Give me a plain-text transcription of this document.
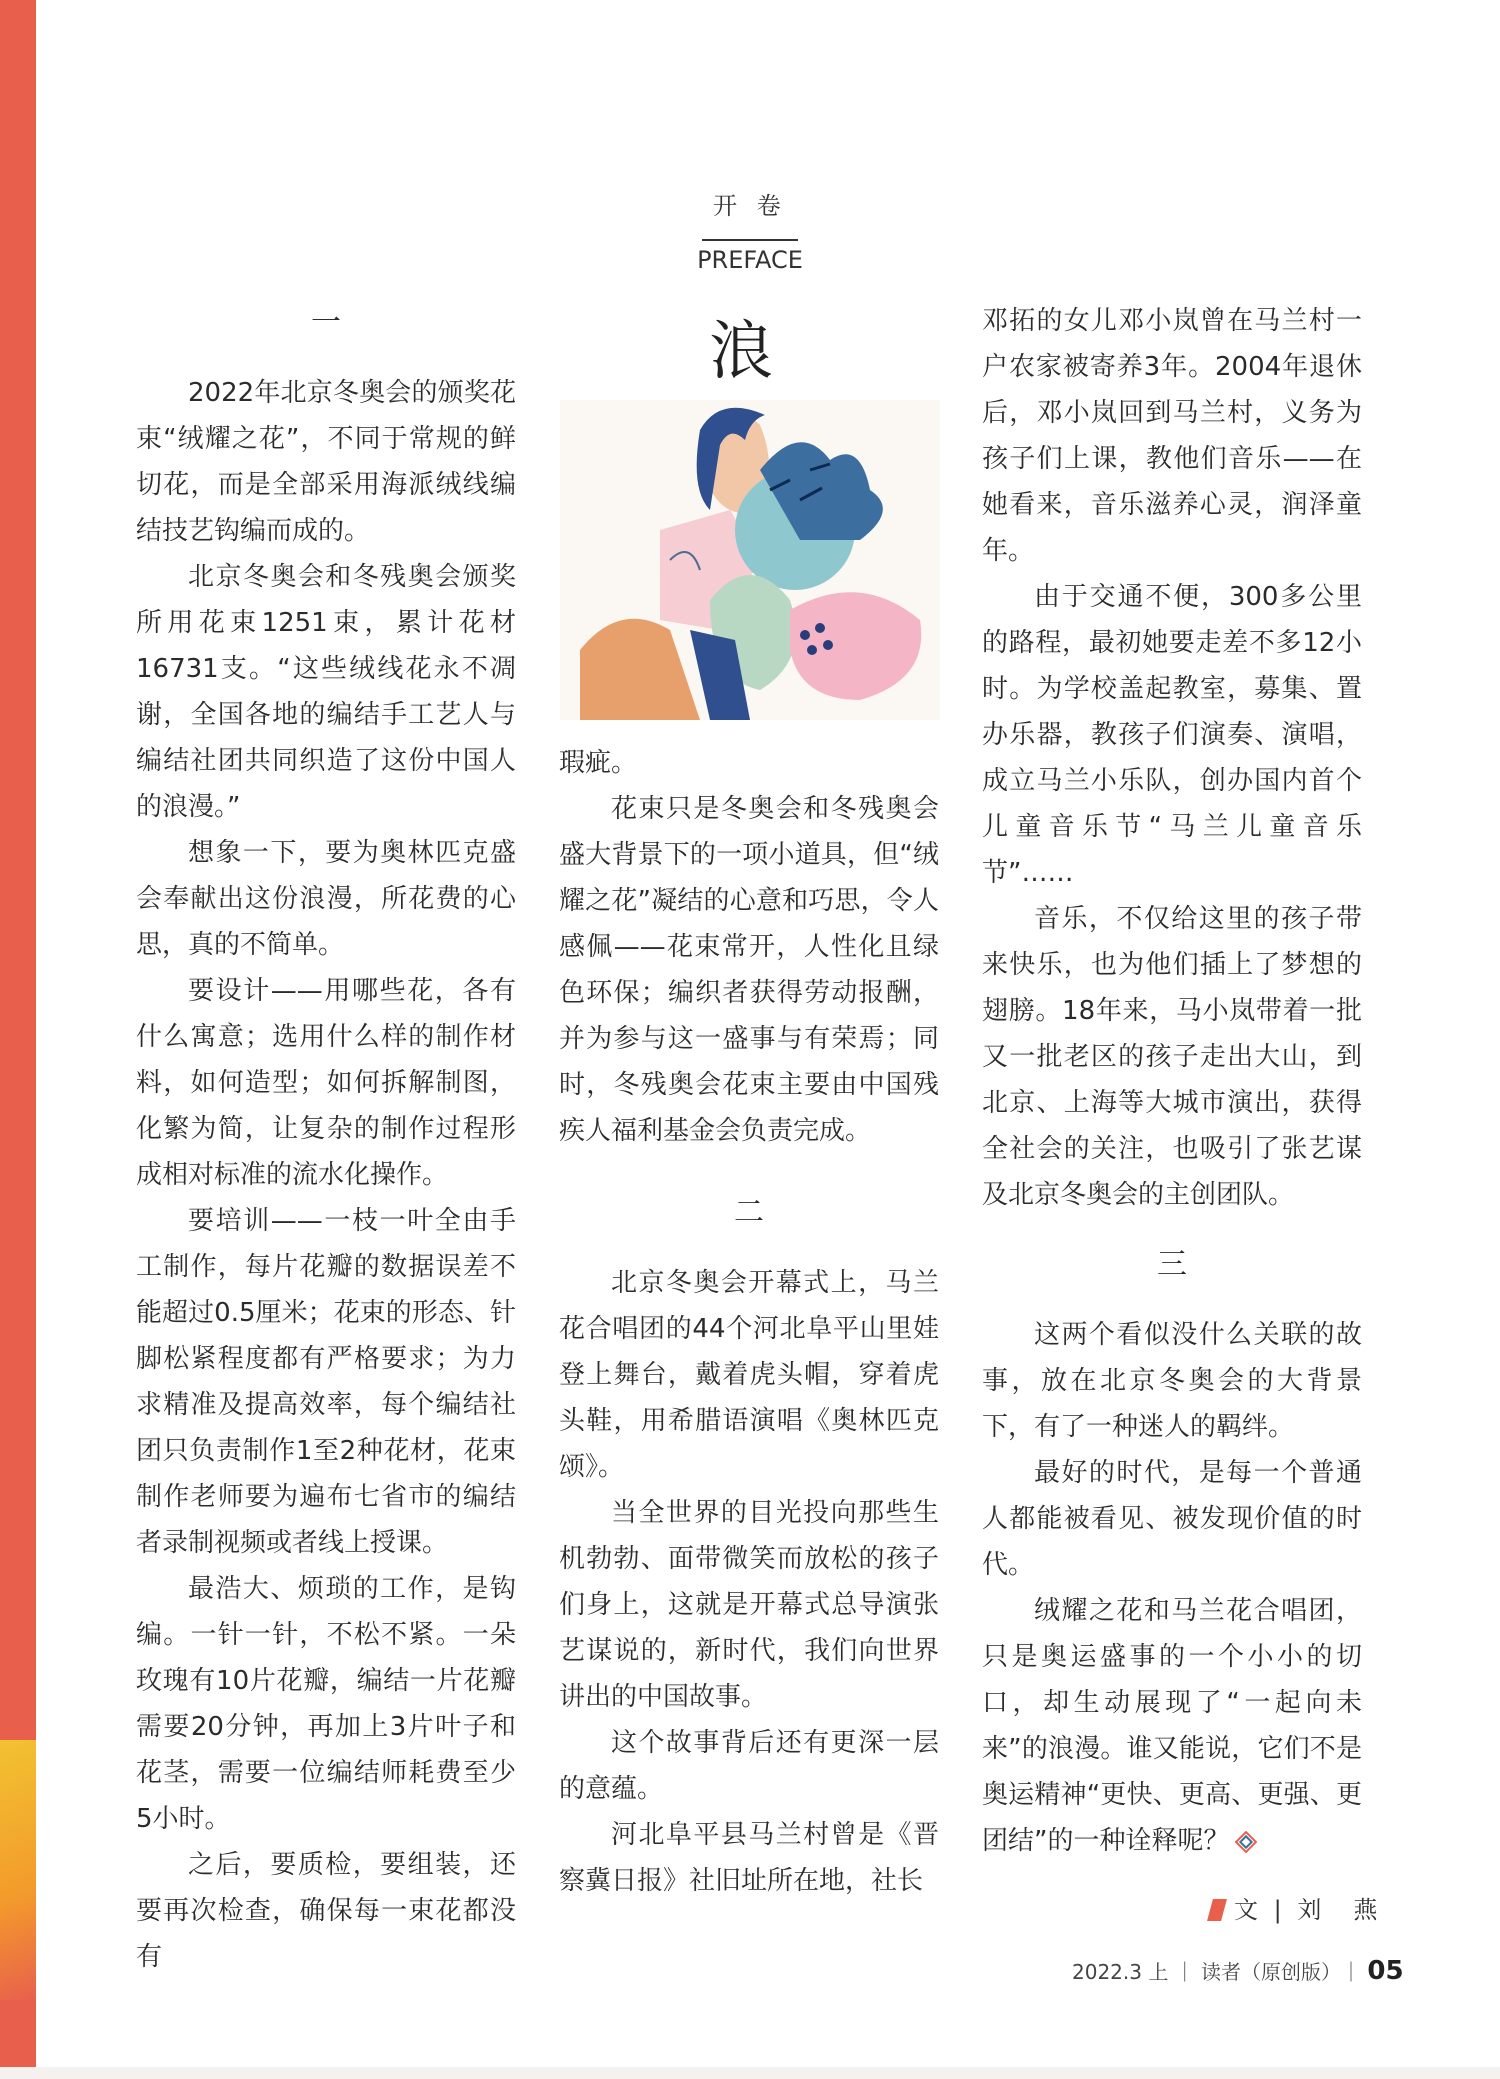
开 卷
PREFACE
浪

一

2022年北京冬奥会的颁奖花束“绒耀之花”，不同于常规的鲜切花，而是全部采用海派绒线编结技艺钩编而成的。

北京冬奥会和冬残奥会颁奖所用花束1251束，累计花材16731支。“这些绒线花永不凋谢，全国各地的编结手工艺人与编结社团共同织造了这份中国人的浪漫。”

想象一下，要为奥林匹克盛会奉献出这份浪漫，所花费的心思，真的不简单。

要设计——用哪些花，各有什么寓意；选用什么样的制作材料，如何造型；如何拆解制图，化繁为简，让复杂的制作过程形成相对标准的流水化操作。

要培训——一枝一叶全由手工制作，每片花瓣的数据误差不能超过0.5厘米；花束的形态、针脚松紧程度都有严格要求；为力求精准及提高效率，每个编结社团只负责制作1至2种花材，花束制作老师要为遍布七省市的编结者录制视频或者线上授课。

最浩大、烦琐的工作，是钩编。一针一针，不松不紧。一朵玫瑰有10片花瓣，编结一片花瓣需要20分钟，再加上3片叶子和花茎，需要一位编结师耗费至少5小时。

之后，要质检，要组装，还要再次检查，确保每一束花都没有

瑕疵。

花束只是冬奥会和冬残奥会盛大背景下的一项小道具，但“绒耀之花”凝结的心意和巧思，令人感佩——花束常开，人性化且绿色环保；编织者获得劳动报酬，并为参与这一盛事与有荣焉；同时，冬残奥会花束主要由中国残疾人福利基金会负责完成。

二

北京冬奥会开幕式上，马兰花合唱团的44个河北阜平山里娃登上舞台，戴着虎头帽，穿着虎头鞋，用希腊语演唱《奥林匹克颂》。

当全世界的目光投向那些生机勃勃、面带微笑而放松的孩子们身上，这就是开幕式总导演张艺谋说的，新时代，我们向世界讲出的中国故事。

这个故事背后还有更深一层的意蕴。

河北阜平县马兰村曾是《晋察冀日报》社旧址所在地，社长

邓拓的女儿邓小岚曾在马兰村一户农家被寄养3年。2004年退休后，邓小岚回到马兰村，义务为孩子们上课，教他们音乐——在她看来，音乐滋养心灵，润泽童年。

由于交通不便，300多公里的路程，最初她要走差不多12小时。为学校盖起教室，募集、置办乐器，教孩子们演奏、演唱，成立马兰小乐队，创办国内首个儿童音乐节“马兰儿童音乐节”……

音乐，不仅给这里的孩子带来快乐，也为他们插上了梦想的翅膀。18年来，马小岚带着一批又一批老区的孩子走出大山，到北京、上海等大城市演出，获得全社会的关注，也吸引了张艺谋及北京冬奥会的主创团队。

三

这两个看似没什么关联的故事，放在北京冬奥会的大背景下，有了一种迷人的羁绊。

最好的时代，是每一个普通人都能被看见、被发现价值的时代。

绒耀之花和马兰花合唱团，只是奥运盛事的一个小小的切口，却生动展现了“一起向未来”的浪漫。谁又能说，它们不是奥运精神“更快、更高、更强、更团结”的一种诠释呢？

文 | 刘　燕
2022.3 上 ｜ 读者（原创版）｜ 05
